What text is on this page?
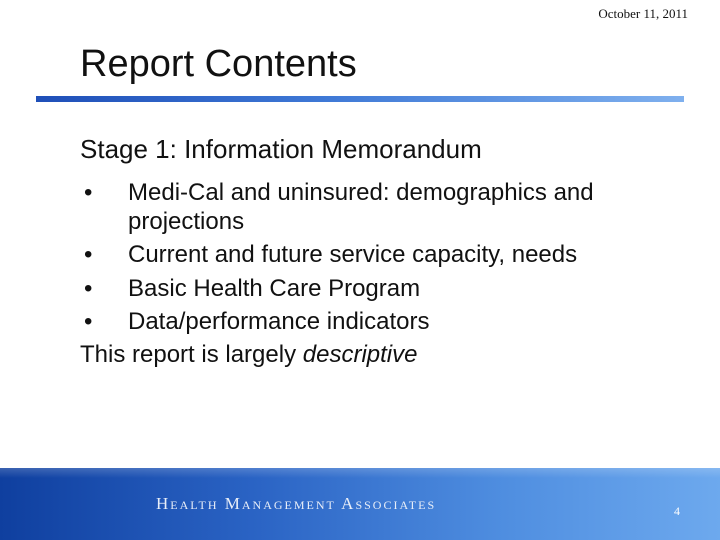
October 11, 2011
Report Contents
Stage 1: Information Memorandum
•	Medi-Cal and uninsured: demographics and projections
•	Current and future service capacity, needs
•	Basic Health Care Program
•	Data/performance indicators
This report is largely descriptive
Health Management Associates	4
